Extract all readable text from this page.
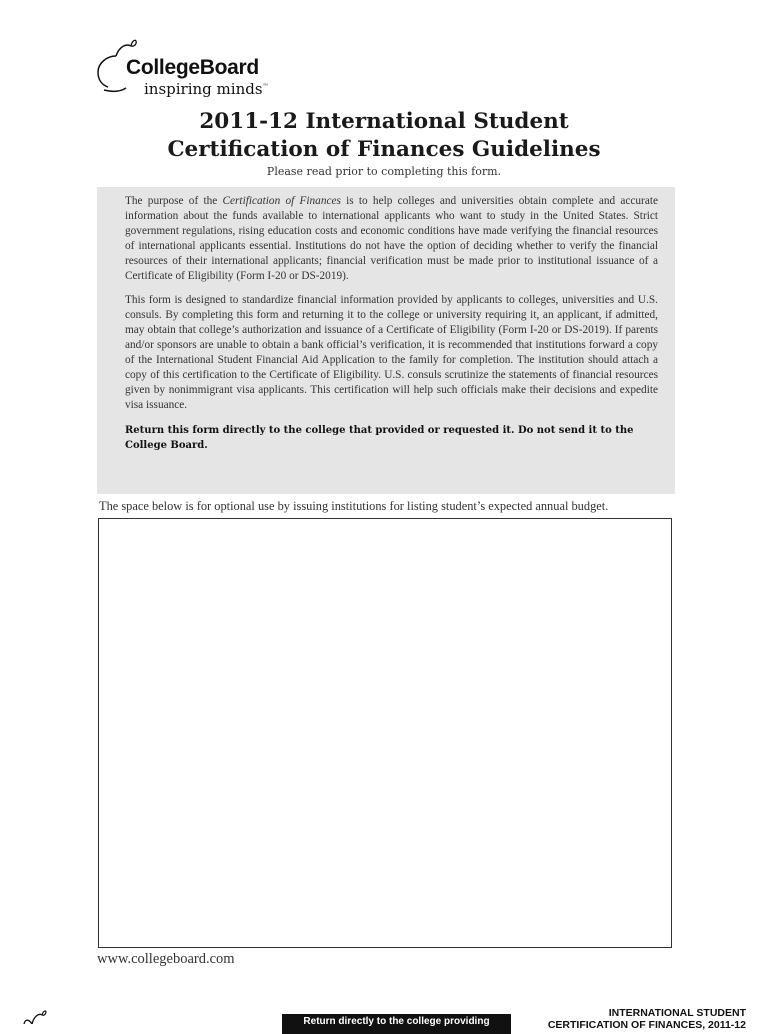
CollegeBoard
inspiring minds™
2011-12 International Student
Certification of Finances Guidelines
Please read prior to completing this form.

The purpose of the Certification of Finances is to help colleges and universities obtain complete and accurate information about the funds available to international applicants who want to study in the United States. Strict government regulations, rising education costs and economic conditions have made verifying the financial resources of international applicants essential. Institutions do not have the option of deciding whether to verify the financial resources of their international applicants; financial verification must be made prior to institutional issuance of a Certificate of Eligibility (Form I-20 or DS-2019).

This form is designed to standardize financial information provided by applicants to colleges, universities and U.S. consuls. By completing this form and returning it to the college or university requiring it, an applicant, if admitted, may obtain that college’s authorization and issuance of a Certificate of Eligibility (Form I-20 or DS-2019). If parents and/or sponsors are unable to obtain a bank official’s verification, it is recommended that institutions forward a copy of the International Student Financial Aid Application to the family for completion. The institution should attach a copy of this certification to the Certificate of Eligibility. U.S. consuls scrutinize the statements of financial resources given by nonimmigrant visa applicants. This certification will help such officials make their decisions and expedite visa issuance.

Return this form directly to the college that provided or requested it. Do not send it to the College Board.

The space below is for optional use by issuing institutions for listing student’s expected annual budget.
www.collegeboard.com
Return directly to the college providing
INTERNATIONAL STUDENT
CERTIFICATION OF FINANCES, 2011-12
